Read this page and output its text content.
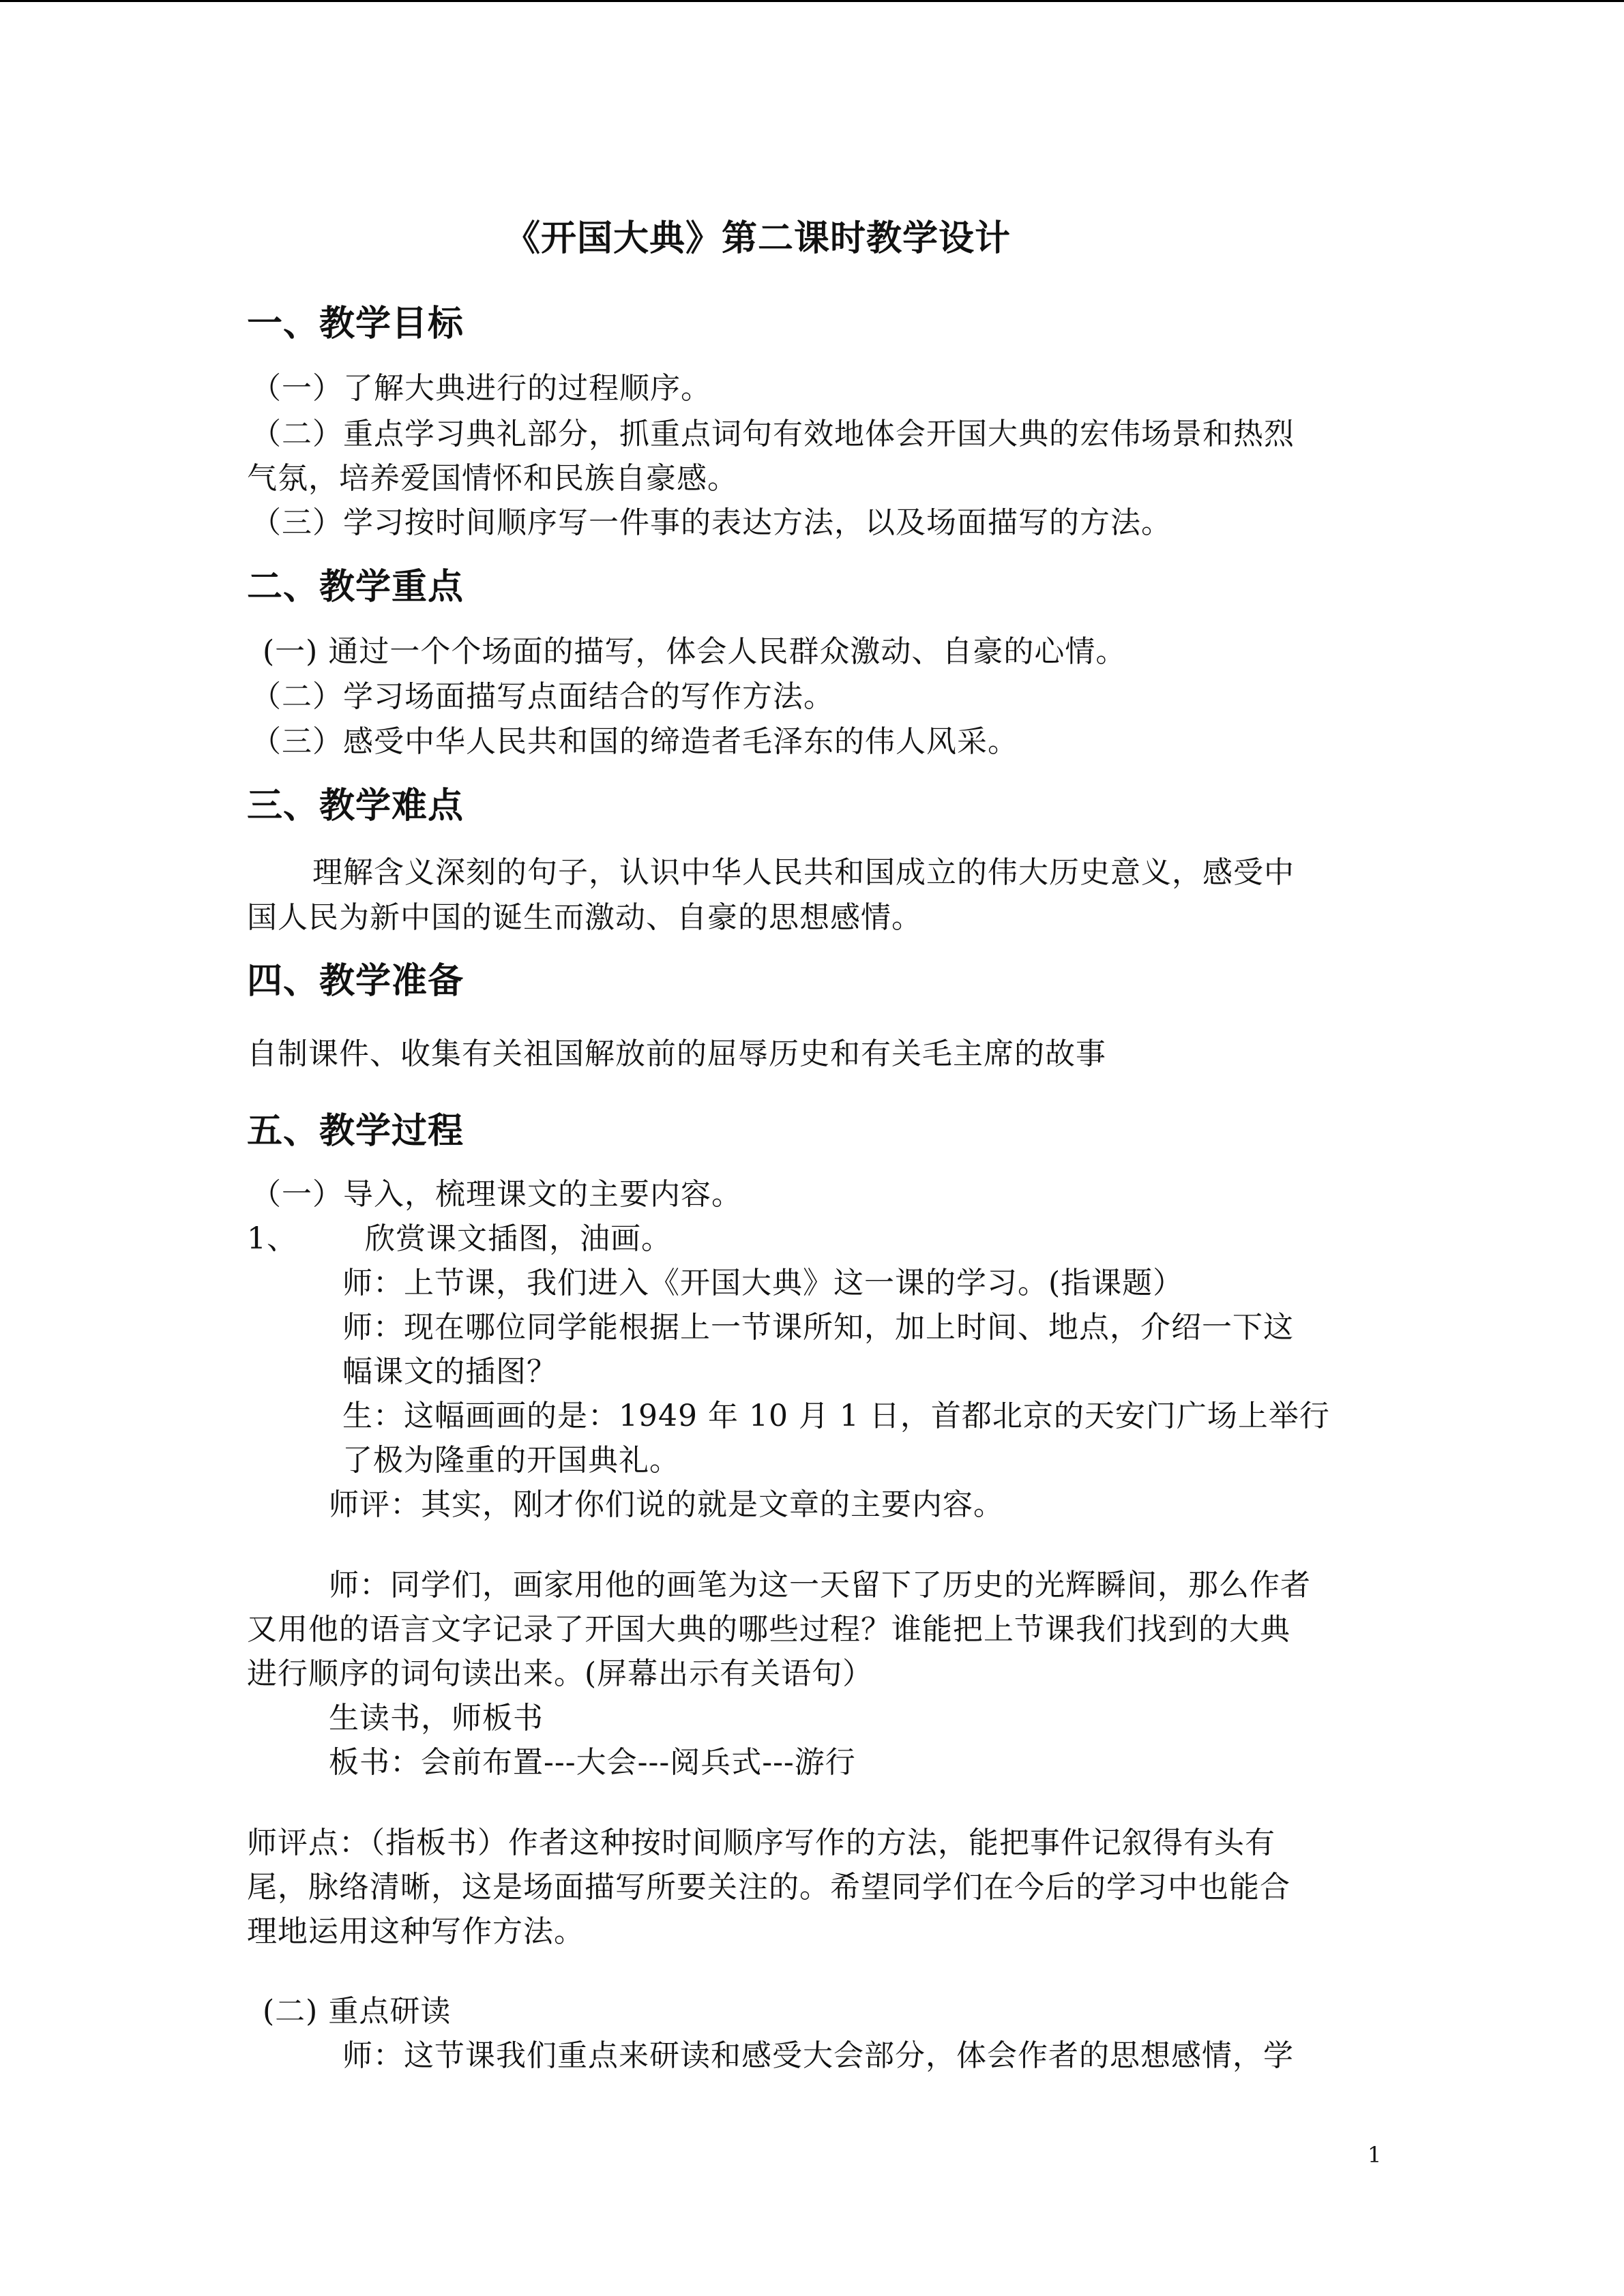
《开国大典》第二课时教学设计
一、教学目标
（一）了解大典进行的过程顺序。
（二）重点学习典礼部分，抓重点词句有效地体会开国大典的宏伟场景和热烈
气氛，培养爱国情怀和民族自豪感。
（三）学习按时间顺序写一件事的表达方法，以及场面描写的方法。
二、教学重点
(一) 通过一个个场面的描写，体会人民群众激动、自豪的心情。
（二）学习场面描写点面结合的写作方法。
（三）感受中华人民共和国的缔造者毛泽东的伟人风采。
三、教学难点
理解含义深刻的句子，认识中华人民共和国成立的伟大历史意义，感受中
国人民为新中国的诞生而激动、自豪的思想感情。
四、教学准备
自制课件、收集有关祖国解放前的屈辱历史和有关毛主席的故事
五、教学过程
（一）导入，梳理课文的主要内容。
1、 欣赏课文插图，油画。
师：上节课，我们进入《开国大典》这一课的学习。(指课题）
师：现在哪位同学能根据上一节课所知，加上时间、地点，介绍一下这
幅课文的插图？
生：这幅画画的是：1949 年 10 月 1 日，首都北京的天安门广场上举行
了极为隆重的开国典礼。
师评：其实，刚才你们说的就是文章的主要内容。
师：同学们，画家用他的画笔为这一天留下了历史的光辉瞬间，那么作者
又用他的语言文字记录了开国大典的哪些过程？谁能把上节课我们找到的大典
进行顺序的词句读出来。(屏幕出示有关语句）
生读书，师板书
板书：会前布置---大会---阅兵式---游行
师评点：（指板书）作者这种按时间顺序写作的方法，能把事件记叙得有头有
尾，脉络清晰，这是场面描写所要关注的。希望同学们在今后的学习中也能合
理地运用这种写作方法。
(二) 重点研读
师：这节课我们重点来研读和感受大会部分，体会作者的思想感情，学
1
